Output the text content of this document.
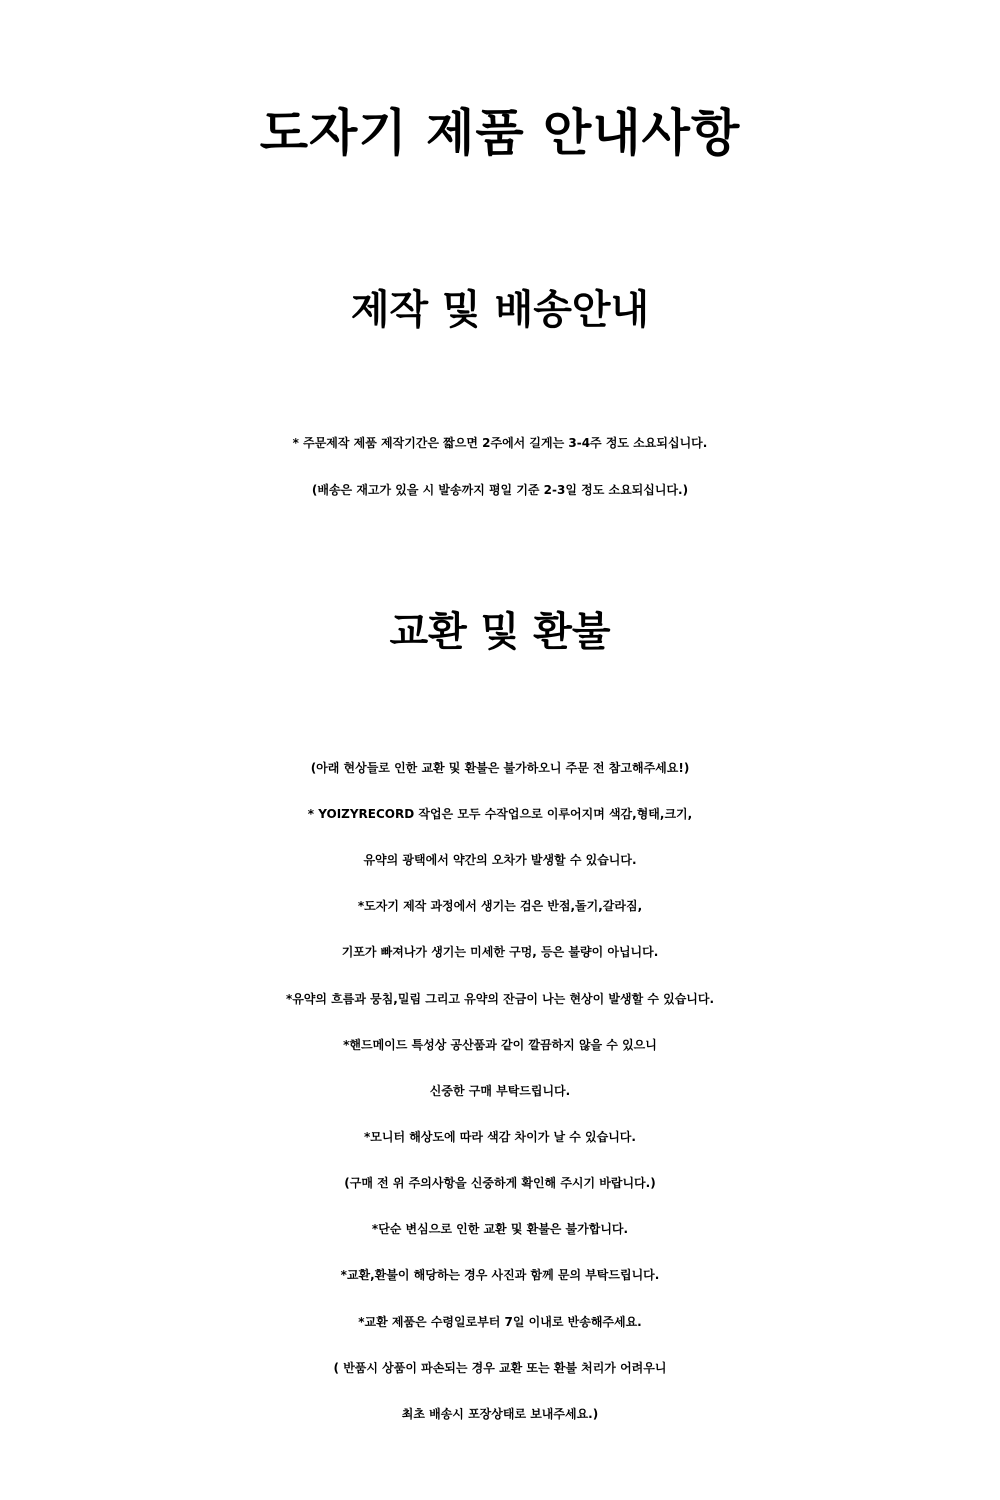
도자기 제품 안내사항
제작 및 배송안내

* 주문제작 제품 제작기간은 짧으면 2주에서 길게는 3-4주 정도 소요되십니다.

(배송은 재고가 있을 시 발송까지 평일 기준 2-3일 정도 소요되십니다.)

교환 및 환불

(아래 현상들로 인한 교환 및 환불은 불가하오니 주문 전 참고해주세요!)

* YOIZYRECORD 작업은 모두 수작업으로 이루어지며 색감,형태,크기,

유약의 광택에서 약간의 오차가 발생할 수 있습니다.

*도자기 제작 과정에서 생기는 검은 반점,돌기,갈라짐,

기포가 빠져나가 생기는 미세한 구멍, 등은 불량이 아닙니다.

*유약의 흐름과 뭉침,밀림 그리고 유약의 잔금이 나는 현상이 발생할 수 있습니다.

*핸드메이드 특성상 공산품과 같이 깔끔하지 않을 수 있으니

신중한 구매 부탁드립니다.

*모니터 해상도에 따라 색감 차이가 날 수 있습니다.

(구매 전 위 주의사항을 신중하게 확인해 주시기 바랍니다.)

*단순 변심으로 인한 교환 및 환불은 불가합니다.

*교환,환불이 해당하는 경우 사진과 함께 문의 부탁드립니다.

*교환 제품은 수령일로부터 7일 이내로 반송해주세요.

( 반품시 상품이 파손되는 경우 교환 또는 환불 처리가 어려우니

최초 배송시 포장상태로 보내주세요.)
